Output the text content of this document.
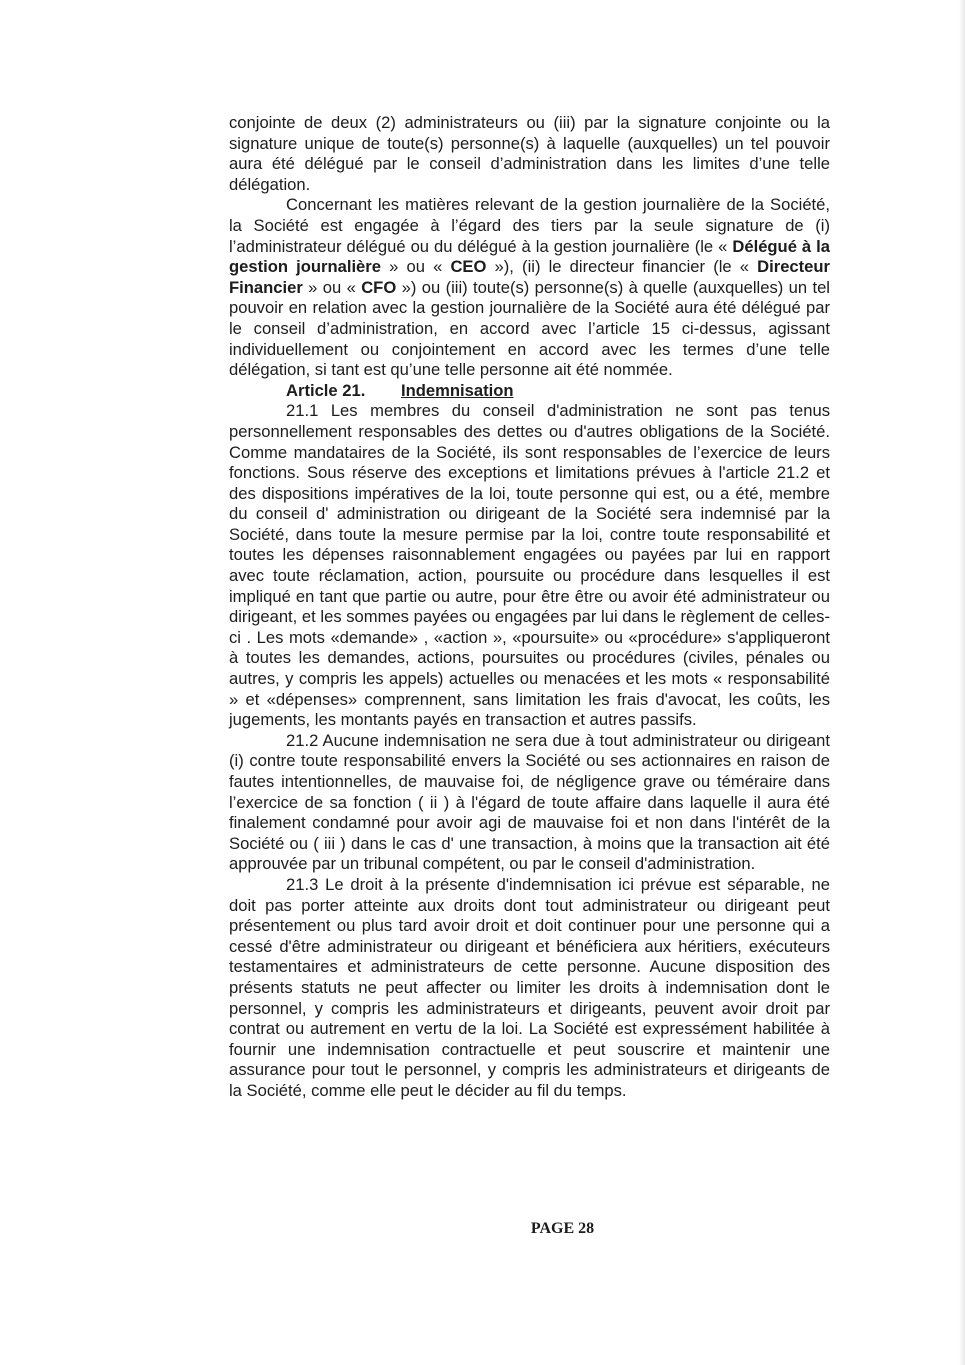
conjointe de deux (2) administrateurs ou (iii) par la signature conjointe ou la signature unique de toute(s) personne(s) à laquelle (auxquelles) un tel pouvoir aura été délégué par le conseil d’administration dans les limites d’une telle délégation.

Concernant les matières relevant de la gestion journalière de la Société, la Société est engagée à l’égard des tiers par la seule signature de (i) l’administrateur délégué ou du délégué à la gestion journalière (le « Délégué à la gestion journalière » ou « CEO »), (ii) le directeur financier (le « Directeur Financier » ou « CFO ») ou (iii) toute(s) personne(s) à quelle (auxquelles) un tel pouvoir en relation avec la gestion journalière de la Société aura été délégué par le conseil d’administration, en accord avec l’article 15 ci-dessus, agissant individuellement ou conjointement en accord avec les termes d’une telle délégation, si tant est qu’une telle personne ait été nommée.

Article 21. Indemnisation

21.1 Les membres du conseil d'administration ne sont pas tenus personnellement responsables des dettes ou d'autres obligations de la Société. Comme mandataires de la Société, ils sont responsables de l’exercice de leurs fonctions. Sous réserve des exceptions et limitations prévues à l'article 21.2 et des dispositions impératives de la loi, toute personne qui est, ou a été, membre du conseil d' administration ou dirigeant de la Société sera indemnisé par la Société, dans toute la mesure permise par la loi, contre toute responsabilité et toutes les dépenses raisonnablement engagées ou payées par lui en rapport avec toute réclamation, action, poursuite ou procédure dans lesquelles il est impliqué en tant que partie ou autre, pour être être ou avoir été administrateur ou dirigeant, et les sommes payées ou engagées par lui dans le règlement de celles-ci . Les mots «demande» , «action », «poursuite» ou «procédure» s'appliqueront à toutes les demandes, actions, poursuites ou procédures (civiles, pénales ou autres, y compris les appels) actuelles ou menacées et les mots « responsabilité » et «dépenses» comprennent, sans limitation les frais d'avocat, les coûts, les jugements, les montants payés en transaction et autres passifs.

21.2 Aucune indemnisation ne sera due à tout administrateur ou dirigeant (i) contre toute responsabilité envers la Société ou ses actionnaires en raison de fautes intentionnelles, de mauvaise foi, de négligence grave ou téméraire dans l’exercice de sa fonction ( ii ) à l'égard de toute affaire dans laquelle il aura été finalement condamné pour avoir agi de mauvaise foi et non dans l'intérêt de la Société ou ( iii ) dans le cas d' une transaction, à moins que la transaction ait été approuvée par un tribunal compétent, ou par le conseil d'administration.

21.3 Le droit à la présente d'indemnisation ici prévue est séparable, ne doit pas porter atteinte aux droits dont tout administrateur ou dirigeant peut présentement ou plus tard avoir droit et doit continuer pour une personne qui a cessé d'être administrateur ou dirigeant et bénéficiera aux héritiers, exécuteurs testamentaires et administrateurs de cette personne. Aucune disposition des présents statuts ne peut affecter ou limiter les droits à indemnisation dont le personnel, y compris les administrateurs et dirigeants, peuvent avoir droit par contrat ou autrement en vertu de la loi. La Société est expressément habilitée à fournir une indemnisation contractuelle et peut souscrire et maintenir une assurance pour tout le personnel, y compris les administrateurs et dirigeants de la Société, comme elle peut le décider au fil du temps.

PAGE 28
